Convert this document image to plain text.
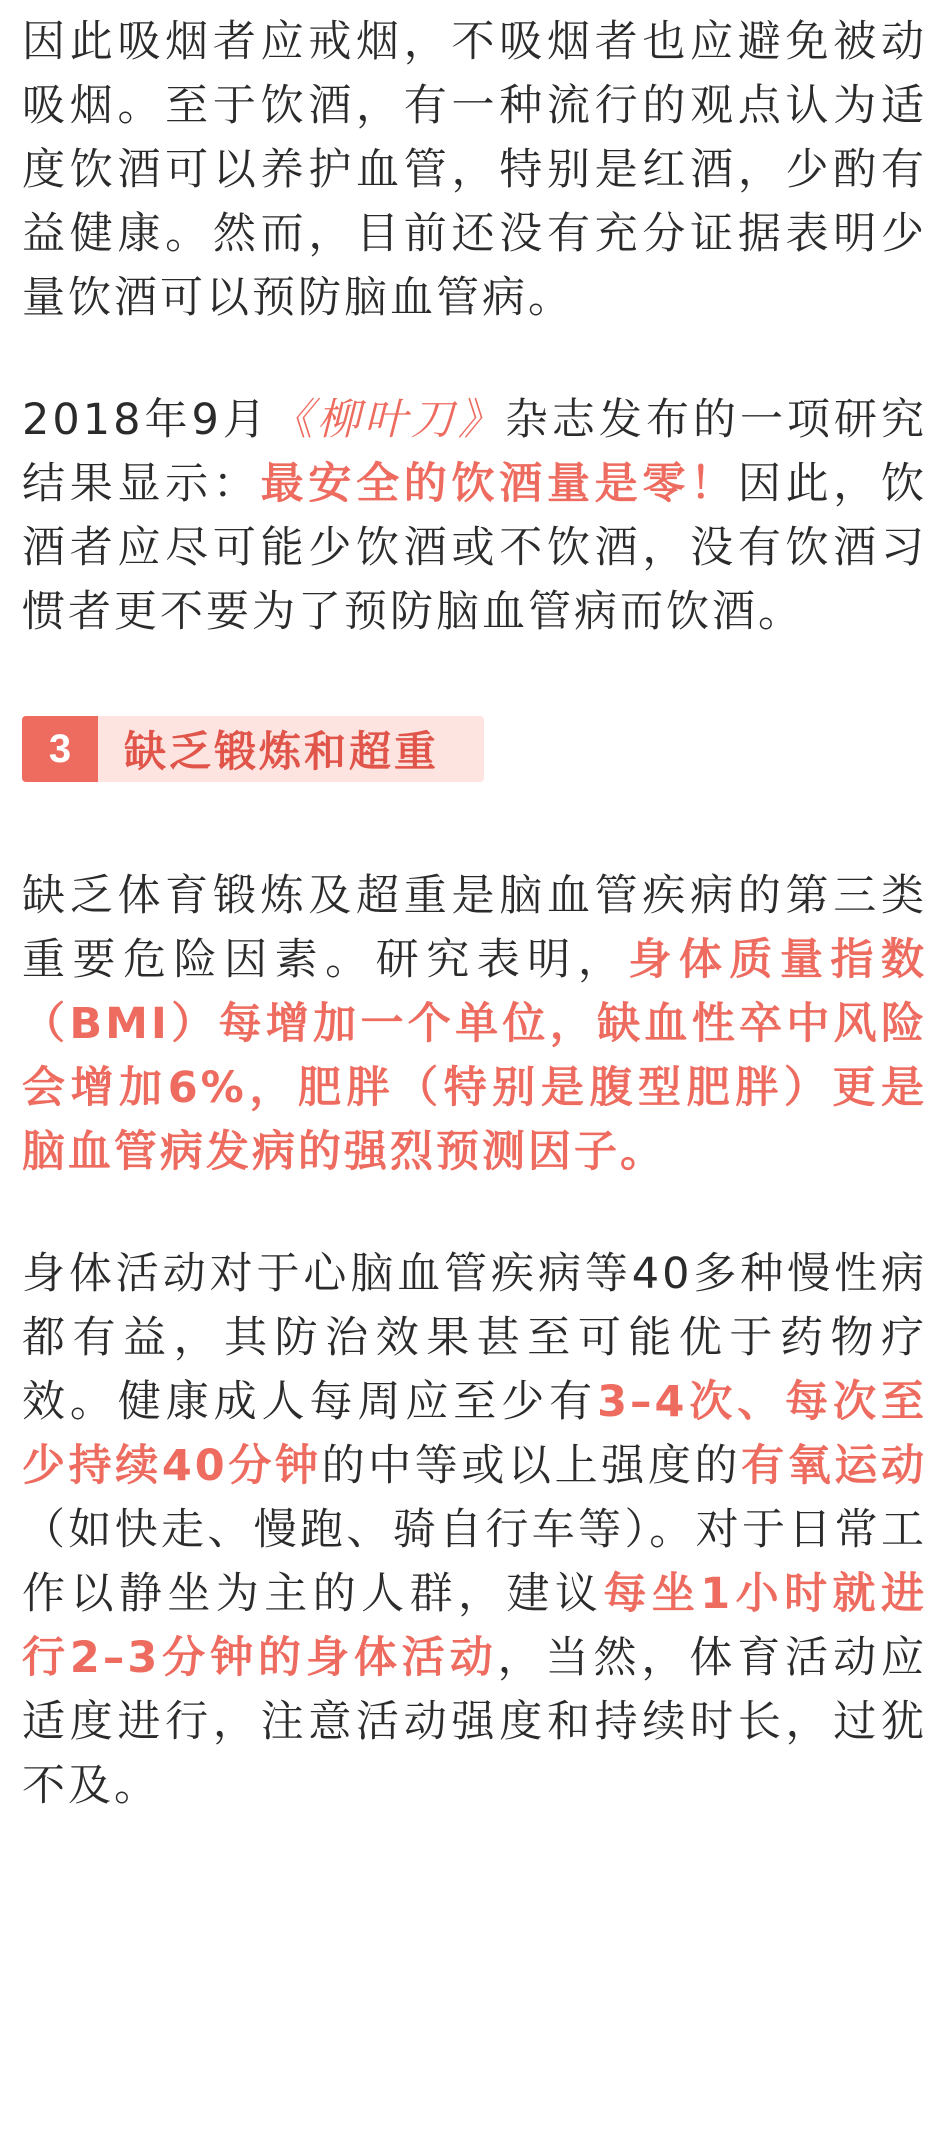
因此吸烟者应戒烟，不吸烟者也应避免被动吸烟。至于饮酒，有一种流行的观点认为适度饮酒可以养护血管，特别是红酒，少酌有益健康。然而，目前还没有充分证据表明少量饮酒可以预防脑血管病。

2018年9月《柳叶刀》杂志发布的一项研究结果显示：最安全的饮酒量是零！因此，饮酒者应尽可能少饮酒或不饮酒，没有饮酒习惯者更不要为了预防脑血管病而饮酒。

3	缺乏锻炼和超重

缺乏体育锻炼及超重是脑血管疾病的第三类重要危险因素。研究表明，身体质量指数（BMI）每增加一个单位，缺血性卒中风险会增加6%，肥胖（特别是腹型肥胖）更是脑血管病发病的强烈预测因子。

身体活动对于心脑血管疾病等40多种慢性病都有益，其防治效果甚至可能优于药物疗效。健康成人每周应至少有3–4次、每次至少持续40分钟的中等或以上强度的有氧运动（如快走、慢跑、骑自行车等）。对于日常工作以静坐为主的人群，建议每坐1小时就进行2–3分钟的身体活动，当然，体育活动应适度进行，注意活动强度和持续时长，过犹不及。
